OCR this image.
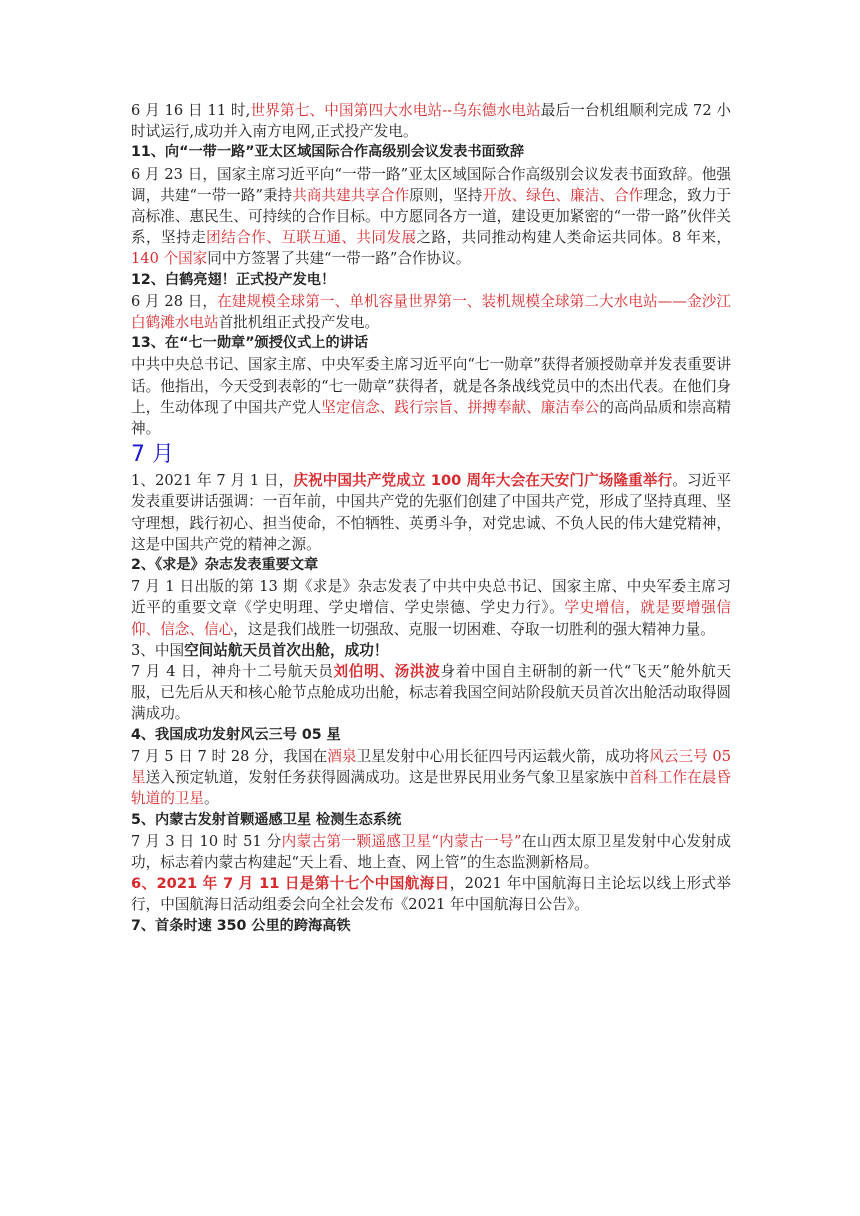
6 月 16 日 11 时,世界第七、中国第四大水电站--乌东德水电站最后一台机组顺利完成 72 小时试运行,成功并入南方电网,正式投产发电。

11、向“一带一路”亚太区域国际合作高级别会议发表书面致辞

6 月 23 日，国家主席习近平向“一带一路”亚太区域国际合作高级别会议发表书面致辞。他强调，共建“一带一路”秉持共商共建共享合作原则，坚持开放、绿色、廉洁、合作理念，致力于高标准、惠民生、可持续的合作目标。中方愿同各方一道，建设更加紧密的“一带一路”伙伴关系，坚持走团结合作、互联互通、共同发展之路，共同推动构建人类命运共同体。8 年来，140 个国家同中方签署了共建“一带一路”合作协议。

12、白鹤亮翅！正式投产发电！

6 月 28 日，在建规模全球第一、单机容量世界第一、装机规模全球第二大水电站——金沙江白鹤滩水电站首批机组正式投产发电。

13、在“七一勋章”颁授仪式上的讲话

中共中央总书记、国家主席、中央军委主席习近平向“七一勋章”获得者颁授勋章并发表重要讲话。他指出，今天受到表彰的“七一勋章”获得者，就是各条战线党员中的杰出代表。在他们身上，生动体现了中国共产党人坚定信念、践行宗旨、拼搏奉献、廉洁奉公的高尚品质和崇高精神。

7 月

1、2021 年 7 月 1 日，庆祝中国共产党成立 100 周年大会在天安门广场隆重举行。习近平发表重要讲话强调：一百年前，中国共产党的先驱们创建了中国共产党，形成了坚持真理、坚守理想，践行初心、担当使命，不怕牺牲、英勇斗争，对党忠诚、不负人民的伟大建党精神，这是中国共产党的精神之源。

2、《求是》杂志发表重要文章

7 月 1 日出版的第 13 期《求是》杂志发表了中共中央总书记、国家主席、中央军委主席习近平的重要文章《学史明理、学史增信、学史崇德、学史力行》。学史增信，就是要增强信仰、信念、信心，这是我们战胜一切强敌、克服一切困难、夺取一切胜利的强大精神力量。

3、中国空间站航天员首次出舱，成功！

7 月 4 日，神舟十二号航天员刘伯明、汤洪波身着中国自主研制的新一代“飞天”舱外航天服，已先后从天和核心舱节点舱成功出舱，标志着我国空间站阶段航天员首次出舱活动取得圆满成功。

4、我国成功发射风云三号 05 星

7 月 5 日 7 时 28 分，我国在酒泉卫星发射中心用长征四号丙运载火箭，成功将风云三号 05 星送入预定轨道，发射任务获得圆满成功。这是世界民用业务气象卫星家族中首科工作在晨昏轨道的卫星。

5、内蒙古发射首颗遥感卫星 检测生态系统

7 月 3 日 10 时 51 分内蒙古第一颗遥感卫星“内蒙古一号”在山西太原卫星发射中心发射成功，标志着内蒙古构建起“天上看、地上查、网上管”的生态监测新格局。

6、2021 年 7 月 11 日是第十七个中国航海日，2021 年中国航海日主论坛以线上形式举行，中国航海日活动组委会向全社会发布《2021 年中国航海日公告》。

7、首条时速 350 公里的跨海高铁
